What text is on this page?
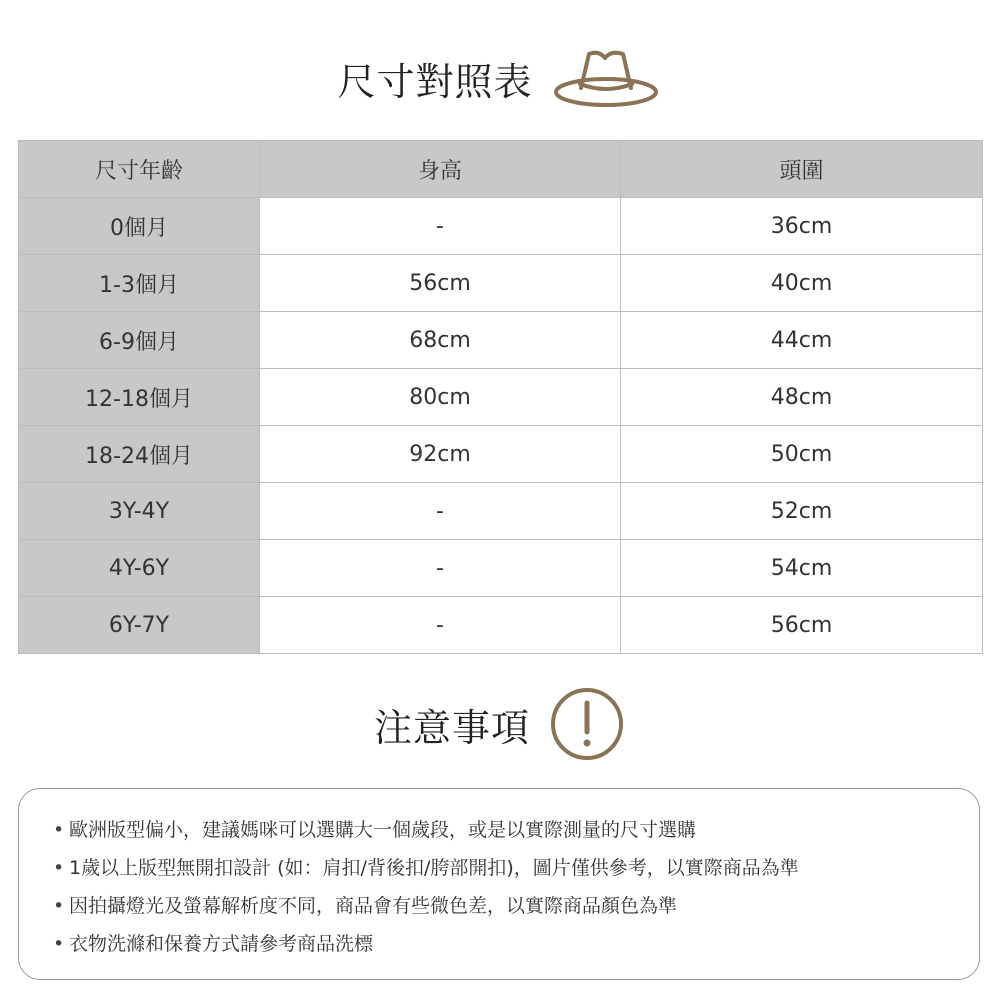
尺寸對照表
尺寸年齡	身高	頭圍
0個月	-	36cm
1-3個月	56cm	40cm
6-9個月	68cm	44cm
12-18個月	80cm	48cm
18-24個月	92cm	50cm
3Y-4Y	-	52cm
4Y-6Y	-	54cm
6Y-7Y	-	56cm
注意事項
• 歐洲版型偏小，建議媽咪可以選購大一個歲段，或是以實際測量的尺寸選購
• 1歲以上版型無開扣設計 (如：肩扣/背後扣/胯部開扣)，圖片僅供參考，以實際商品為準
• 因拍攝燈光及螢幕解析度不同，商品會有些微色差，以實際商品顏色為準
• 衣物洗滌和保養方式請參考商品洗標
